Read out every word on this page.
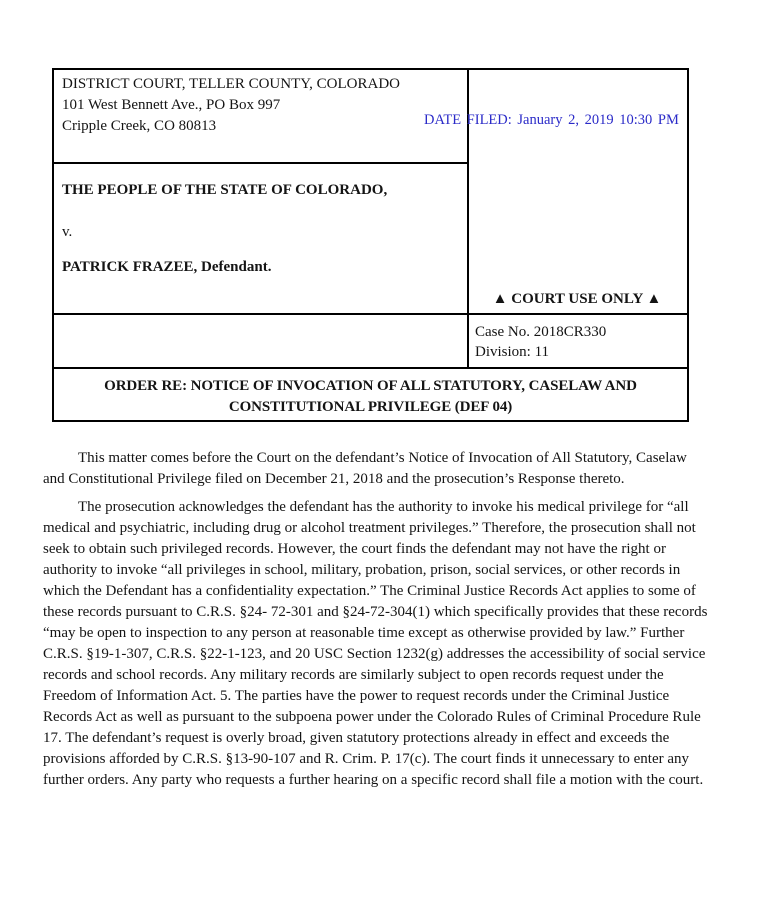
DISTRICT COURT, TELLER COUNTY, COLORADO
101 West Bennett Ave., PO Box 997
Cripple Creek, CO 80813	DATE FILED: January 2, 2019 10:30 PM
THE PEOPLE OF THE STATE OF COLORADO,
v.
PATRICK FRAZEE, Defendant.
▲ COURT USE ONLY ▲
Case No. 2018CR330
Division: 11
ORDER RE: NOTICE OF INVOCATION OF ALL STATUTORY, CASELAW AND
CONSTITUTIONAL PRIVILEGE (DEF 04)

This matter comes before the Court on the defendant’s Notice of Invocation of All Statutory, Caselaw and Constitutional Privilege filed on December 21, 2018 and the prosecution’s Response thereto.

The prosecution acknowledges the defendant has the authority to invoke his medical privilege for “all medical and psychiatric, including drug or alcohol treatment privileges.” Therefore, the prosecution shall not seek to obtain such privileged records. However, the court finds the defendant may not have the right or authority to invoke “all privileges in school, military, probation, prison, social services, or other records in which the Defendant has a confidentiality expectation.” The Criminal Justice Records Act applies to some of these records pursuant to C.R.S. §24- 72-301 and §24-72-304(1) which specifically provides that these records “may be open to inspection to any person at reasonable time except as otherwise provided by law.” Further C.R.S. §19-1-307, C.R.S. §22-1-123, and 20 USC Section 1232(g) addresses the accessibility of social service records and school records. Any military records are similarly subject to open records request under the Freedom of Information Act. 5. The parties have the power to request records under the Criminal Justice Records Act as well as pursuant to the subpoena power under the Colorado Rules of Criminal Procedure Rule 17. The defendant’s request is overly broad, given statutory protections already in effect and exceeds the provisions afforded by C.R.S. §13-90-107 and R. Crim. P. 17(c). The court finds it unnecessary to enter any further orders. Any party who requests a further hearing on a specific record shall file a motion with the court.
